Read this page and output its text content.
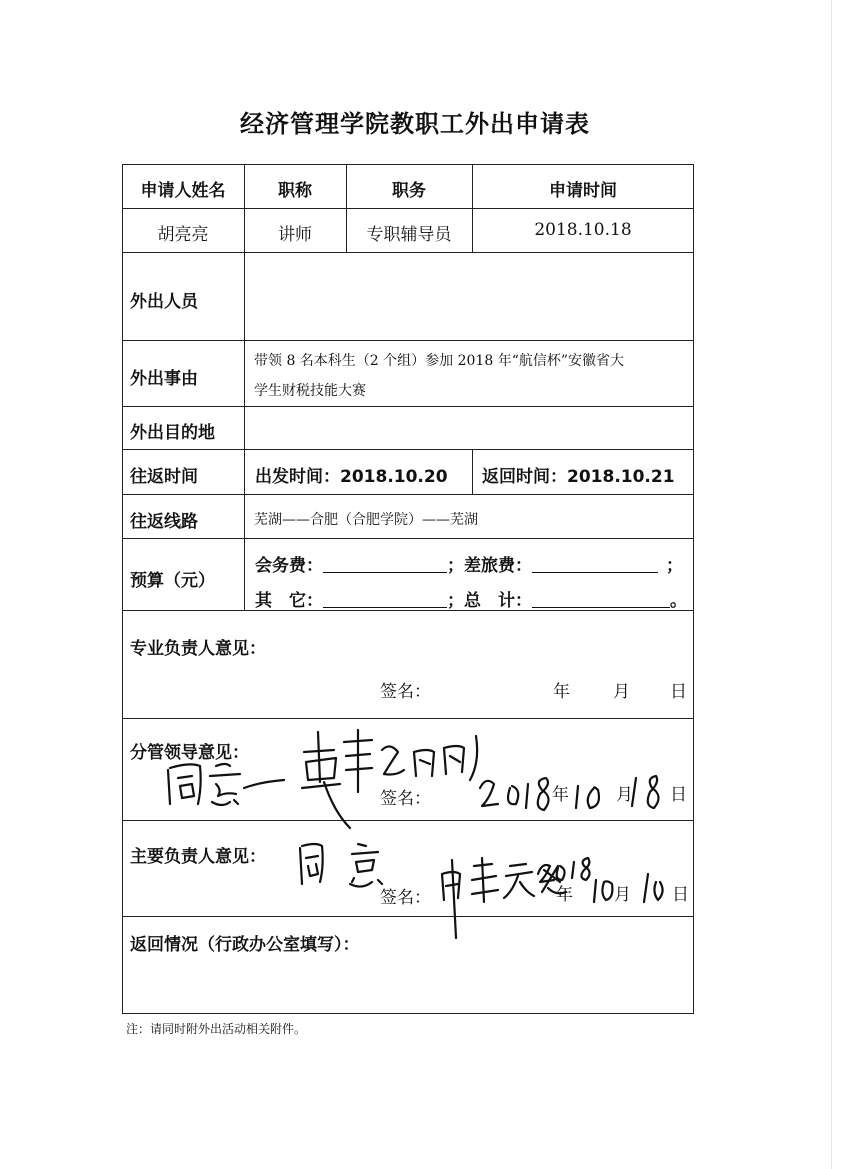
经济管理学院教职工外出申请表
申请人姓名	职称	职务	申请时间
胡亮亮	讲师	专职辅导员	2018.10.18
外出人员
外出事由
带领 8 名本科生（2 个组）参加 2018 年“航信杯”安徽省大
学生财税技能大赛
外出目的地
往返时间	出发时间：2018.10.20 返回时间：2018.10.21
往返线路	芜湖——合肥（合肥学院）——芜湖
预算（元）
会务费：	；差旅费：	；
其　它：	；总　计：	。
专业负责人意见：
签名：	年	月 日
分管领导意见：
签名：	年	月 日
主要负责人意见：
签名：	年 月 日
返回情况（行政办公室填写）：
注：请同时附外出活动相关附件。
